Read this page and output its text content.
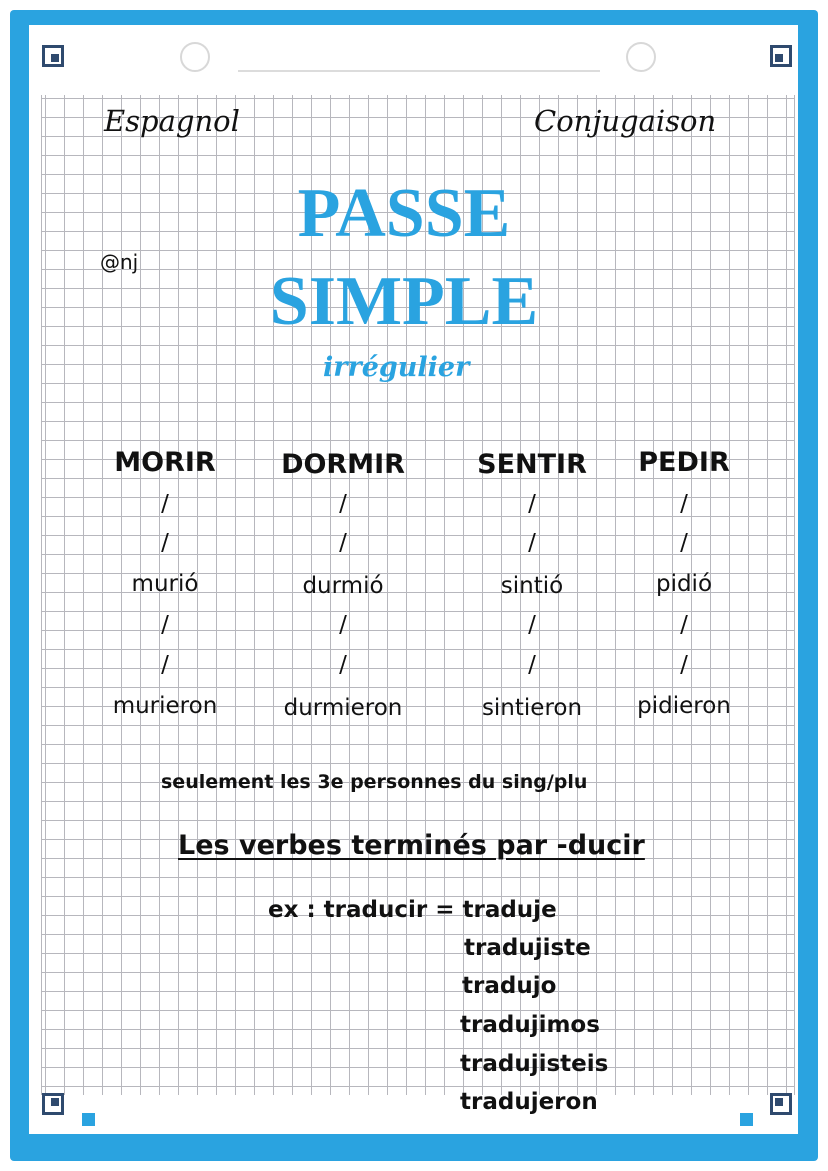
Espagnol	Conjugaison
@nj
PASSE
SIMPLE
irrégulier
MORIR
/
/
murió
/
/
murieron
DORMIR
/
/
durmió
/
/
durmieron
SENTIR
/
/
sintió
/
/
sintieron
PEDIR
/
/
pidió
/
/
pidieron
seulement les 3e personnes du sing/plu
Les verbes terminés par -ducir
ex : traducir = traduje
tradujiste
tradujo
tradujimos
tradujisteis
tradujeron
